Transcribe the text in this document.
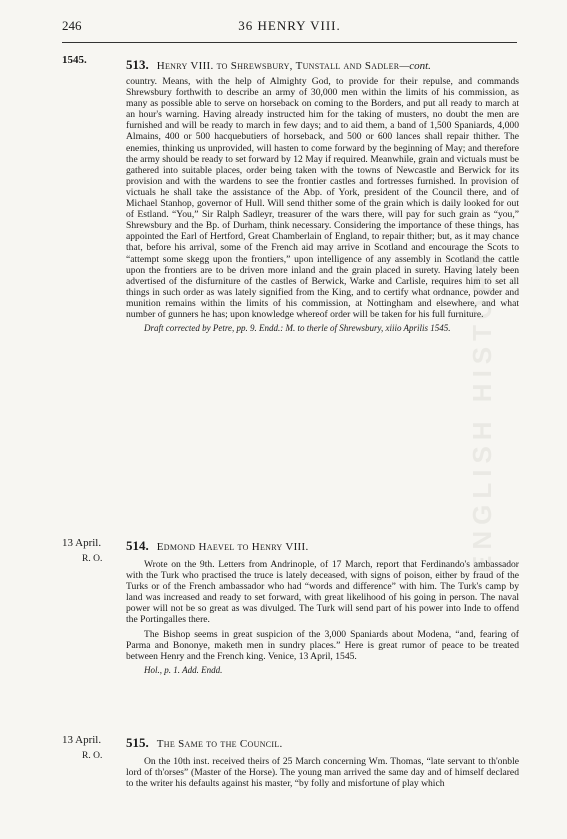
246	36 HENRY VIII.
1545.	513. Henry VIII. to Shrewsbury, Tunstall and Sadler—cont.

country. Means, with the help of Almighty God, to provide for their repulse, and commands Shrewsbury forthwith to describe an army of 30,000 men within the limits of his commission, as many as possible able to serve on horseback on coming to the Borders, and put all ready to march at an hour's warning. Having already instructed him for the taking of musters, no doubt the men are furnished and will be ready to march in few days; and to aid them, a band of 1,500 Spaniards, 4,000 Almains, 400 or 500 hacquebutiers of horseback, and 500 or 600 lances shall repair thither. The enemies, thinking us unprovided, will hasten to come forward by the beginning of May; and therefore the army should be ready to set forward by 12 May if required. Meanwhile, grain and victuals must be gathered into suitable places, order being taken with the towns of Newcastle and Berwick for its provision and with the wardens to see the frontier castles and fortresses furnished. In provision of victuals he shall take the assistance of the Abp. of York, president of the Council there, and of Michael Stanhop, governor of Hull. Will send thither some of the grain which is daily looked for out of Estland. “You,” Sir Ralph Sadleyr, treasurer of the wars there, will pay for such grain as “you,” Shrewsbury and the Bp. of Durham, think necessary. Considering the importance of these things, has appointed the Earl of Hertford, Great Chamberlain of England, to repair thither; but, as it may chance that, before his arrival, some of the French aid may arrive in Scotland and encourage the Scots to “attempt some skegg upon the frontiers,” upon intelligence of any assembly in Scotland the cattle upon the frontiers are to be driven more inland and the grain placed in surety. Having lately been advertised of the disfurniture of the castles of Berwick, Warke and Carlisle, requires him to set all things in such order as was lately signified from the King, and to certify what ordnance, powder and munition remains within the limits of his commission, at Nottingham and elsewhere, and what number of gunners he has; upon knowledge whereof order will be taken for his full furniture.

Draft corrected by Petre, pp. 9. Endd.: M. to therle of Shrewsbury, xiiio Aprilis 1545.
13 April.
R. O.
514. Edmond Haevel to Henry VIII.

Wrote on the 9th. Letters from Andrinople, of 17 March, report that Ferdinando's ambassador with the Turk who practised the truce is lately deceased, with signs of poison, either by fraud of the Turks or of the French ambassador who had “words and difference” with him. The Turk's camp by land was increased and ready to set forward, with great likelihood of his going in person. The naval power will not be so great as was divulged. The Turk will send part of his power into Inde to offend the Portingalles there.

The Bishop seems in great suspicion of the 3,000 Spaniards about Modena, “and, fearing of Parma and Bononye, maketh men in sundry places.” Here is great rumor of peace to be treated between Henry and the French king. Venice, 13 April, 1545.

Hol., p. 1. Add. Endd.
13 April.
R. O.
515. The Same to the Council.

On the 10th inst. received theirs of 25 March concerning Wm. Thomas, “late servant to th'onble lord of th'orses” (Master of the Horse). The young man arrived the same day and of himself declared to the writer his defaults against his master, “by folly and misfortune of play which

ENGLISH HISTORY
